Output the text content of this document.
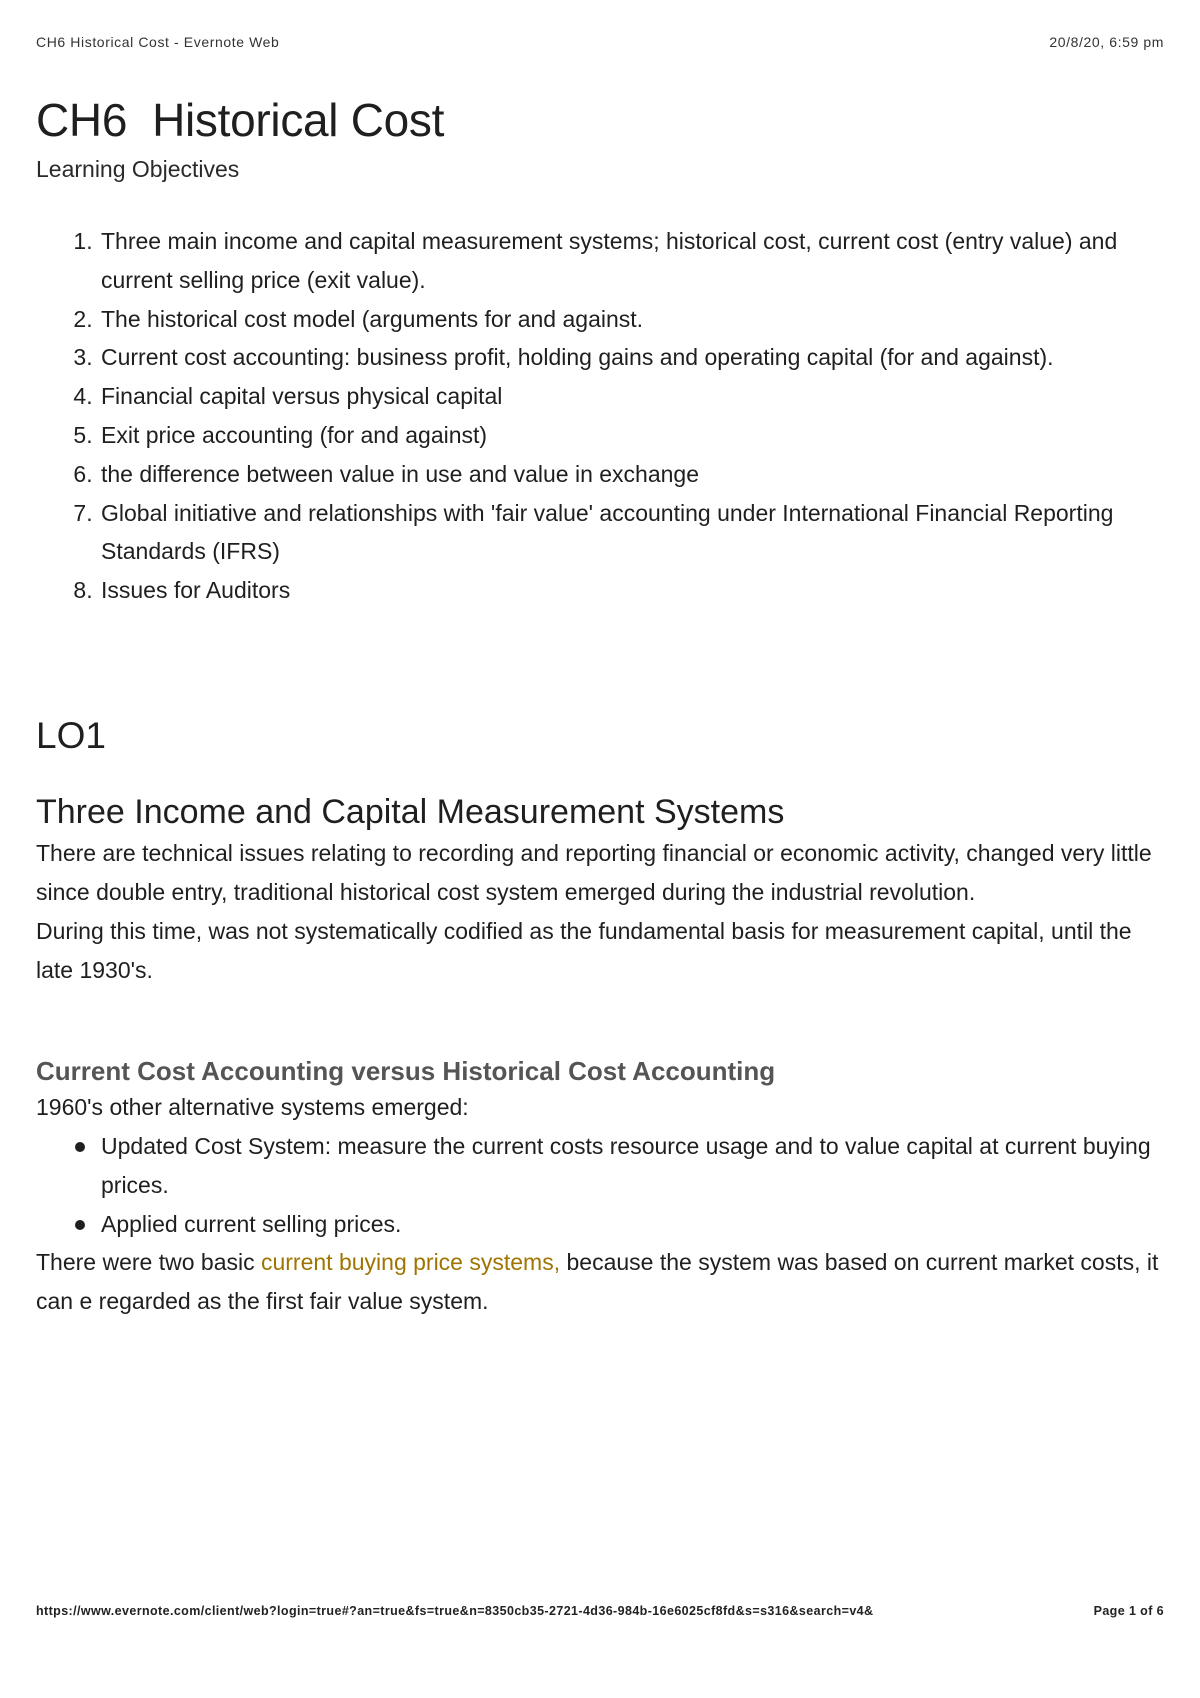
CH6 Historical Cost - Evernote Web	20/8/20, 6:59 pm
CH6  Historical Cost
Learning Objectives
1. Three main income and capital measurement systems; historical cost, current cost (entry value) and current selling price (exit value).
2. The historical cost model (arguments for and against.
3. Current cost accounting: business profit, holding gains and operating capital (for and against).
4. Financial capital versus physical capital
5. Exit price accounting (for and against)
6. the difference between value in use and value in exchange
7. Global initiative and relationships with 'fair value' accounting under International Financial Reporting Standards (IFRS)
8. Issues for Auditors
LO1
Three Income and Capital Measurement Systems

There are technical issues relating to recording and reporting financial or economic activity, changed very little since double entry, traditional historical cost system emerged during the industrial revolution.

During this time, was not systematically codified as the fundamental basis for measurement capital, until the late 1930's.

Current Cost Accounting versus Historical Cost Accounting

1960's other alternative systems emerged:

Updated Cost System: measure the current costs resource usage and to value capital at current buying prices.
Applied current selling prices.

There were two basic current buying price systems, because the system was based on current market costs, it can e regarded as the first fair value system.

https://www.evernote.com/client/web?login=true#?an=true&fs=true&n=8350cb35-2721-4d36-984b-16e6025cf8fd&s=s316&search=v4&	Page 1 of 6
